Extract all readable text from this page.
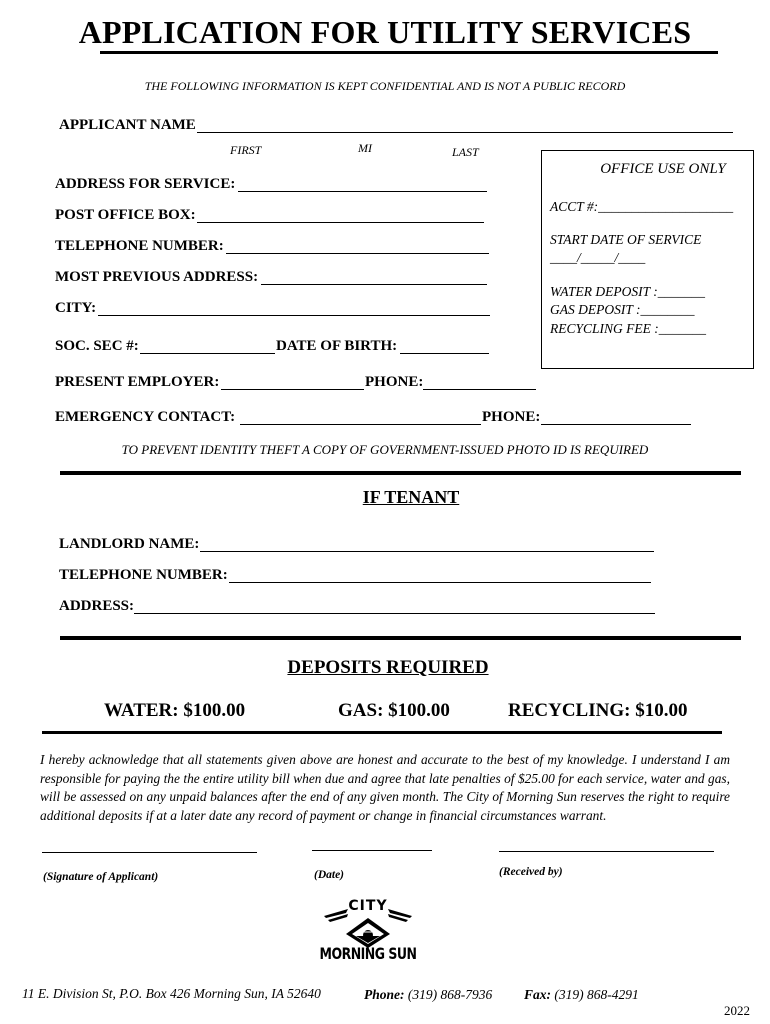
APPLICATION FOR UTILITY SERVICES
THE FOLLOWING INFORMATION IS KEPT CONFIDENTIAL AND IS NOT A PUBLIC RECORD
APPLICANT NAME
FIRST	MI	LAST
ADDRESS FOR SERVICE:
POST OFFICE BOX:
TELEPHONE NUMBER:
MOST PREVIOUS ADDRESS:
CITY:
SOC. SEC #:	DATE OF BIRTH:
PRESENT EMPLOYER:	PHONE:
EMERGENCY CONTACT:	PHONE:
OFFICE USE ONLY
ACCT #:____________________
START DATE OF SERVICE
____/_____/____
WATER DEPOSIT :_______
GAS DEPOSIT :________
RECYCLING FEE :_______
TO PREVENT IDENTITY THEFT A COPY OF GOVERNMENT-ISSUED PHOTO ID IS REQUIRED
IF TENANT
LANDLORD NAME:
TELEPHONE NUMBER:
ADDRESS:
DEPOSITS REQUIRED
WATER: $100.00	GAS: $100.00	RECYCLING: $10.00
I hereby acknowledge that all statements given above are honest and accurate to the best of my knowledge. I understand I am responsible for paying the the entire utility bill when due and agree that late penalties of $25.00 for each service, water and gas, will be assessed on any unpaid balances after the end of any given month. The City of Morning Sun reserves the right to require additional deposits if at a later date any record of payment or change in financial circumstances warrant.
(Signature of Applicant)	(Date)	(Received by)
CITY
MORNING SUN
11 E. Division St, P.O. Box 426 Morning Sun, IA 52640	Phone: (319) 868-7936 Fax: (319) 868-4291
2022
